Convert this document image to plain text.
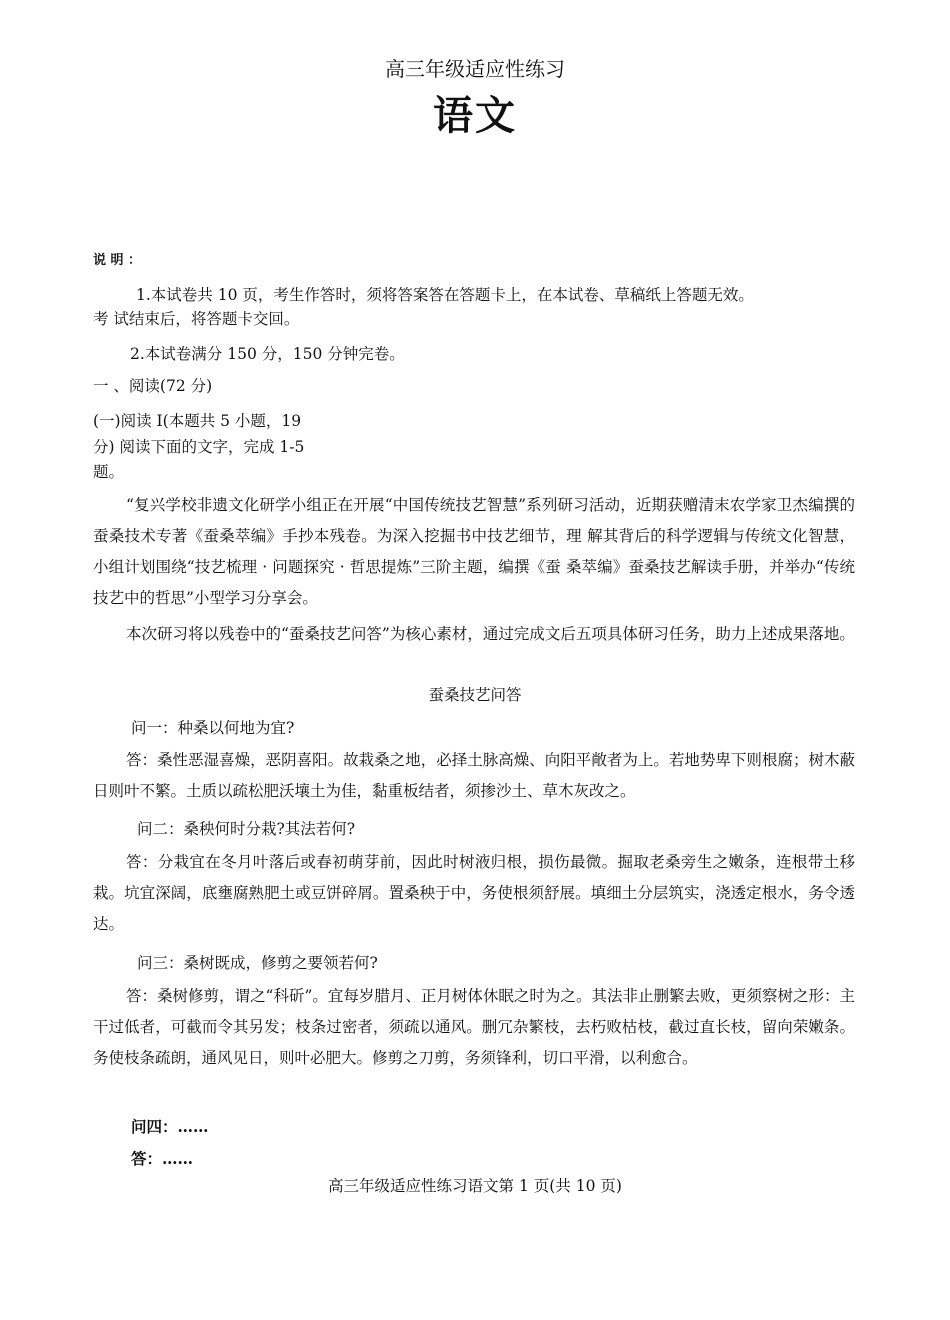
高三年级适应性练习
语文
说 明 ：
1.本试卷共 10 页，考生作答时，须将答案答在答题卡上，在本试卷、草稿纸上答题无效。
考 试结束后，将答题卡交回。
2.本试卷满分 150 分，150 分钟完卷。
一 、阅读(72 分)
(一)阅读 I(本题共 5 小题，19
分) 阅读下面的文字，完成 1-5
题。
“复兴学校非遗文化研学小组正在开展“中国传统技艺智慧”系列研习活动，近期获赠清末农学家卫杰编撰的蚕桑技术专著《蚕桑萃编》手抄本残卷。为深入挖掘书中技艺细节，理 解其背后的科学逻辑与传统文化智慧，小组计划围绕“技艺梳理 · 问题探究 · 哲思提炼”三阶主题，编撰《蚕 桑萃编》蚕桑技艺解读手册，并举办“传统技艺中的哲思”小型学习分享会。
本次研习将以残卷中的“蚕桑技艺问答”为核心素材，通过完成文后五项具体研习任务，助力上述成果落地。
蚕桑技艺问答
问一：种桑以何地为宜?
答：桑性恶湿喜燥，恶阴喜阳。故栽桑之地，必择土脉高燥、向阳平敞者为上。若地势卑下则根腐；树木蔽日则叶不繁。土质以疏松肥沃壤土为佳，黏重板结者，须掺沙土、草木灰改之。
问二：桑秧何时分栽?其法若何?
答：分栽宜在冬月叶落后或春初萌芽前，因此时树液归根，损伤最微。掘取老桑旁生之嫩条，连根带土移栽。坑宜深阔，底壅腐熟肥土或豆饼碎屑。置桑秧于中，务使根须舒展。填细土分层筑实，浇透定根水，务令透达。
问三：桑树既成，修剪之要领若何?
答：桑树修剪，谓之“科斫”。宜每岁腊月、正月树体休眠之时为之。其法非止删繁去败，更须察树之形：主干过低者，可截而令其另发；枝条过密者，须疏以通风。删冗杂繁枝，去朽败枯枝，截过直长枝，留向荣嫩条。务使枝条疏朗，通风见日，则叶必肥大。修剪之刀剪，务须锋利，切口平滑，以利愈合。
问四：……
答：……
高三年级适应性练习语文第 1 页(共 10 页)
